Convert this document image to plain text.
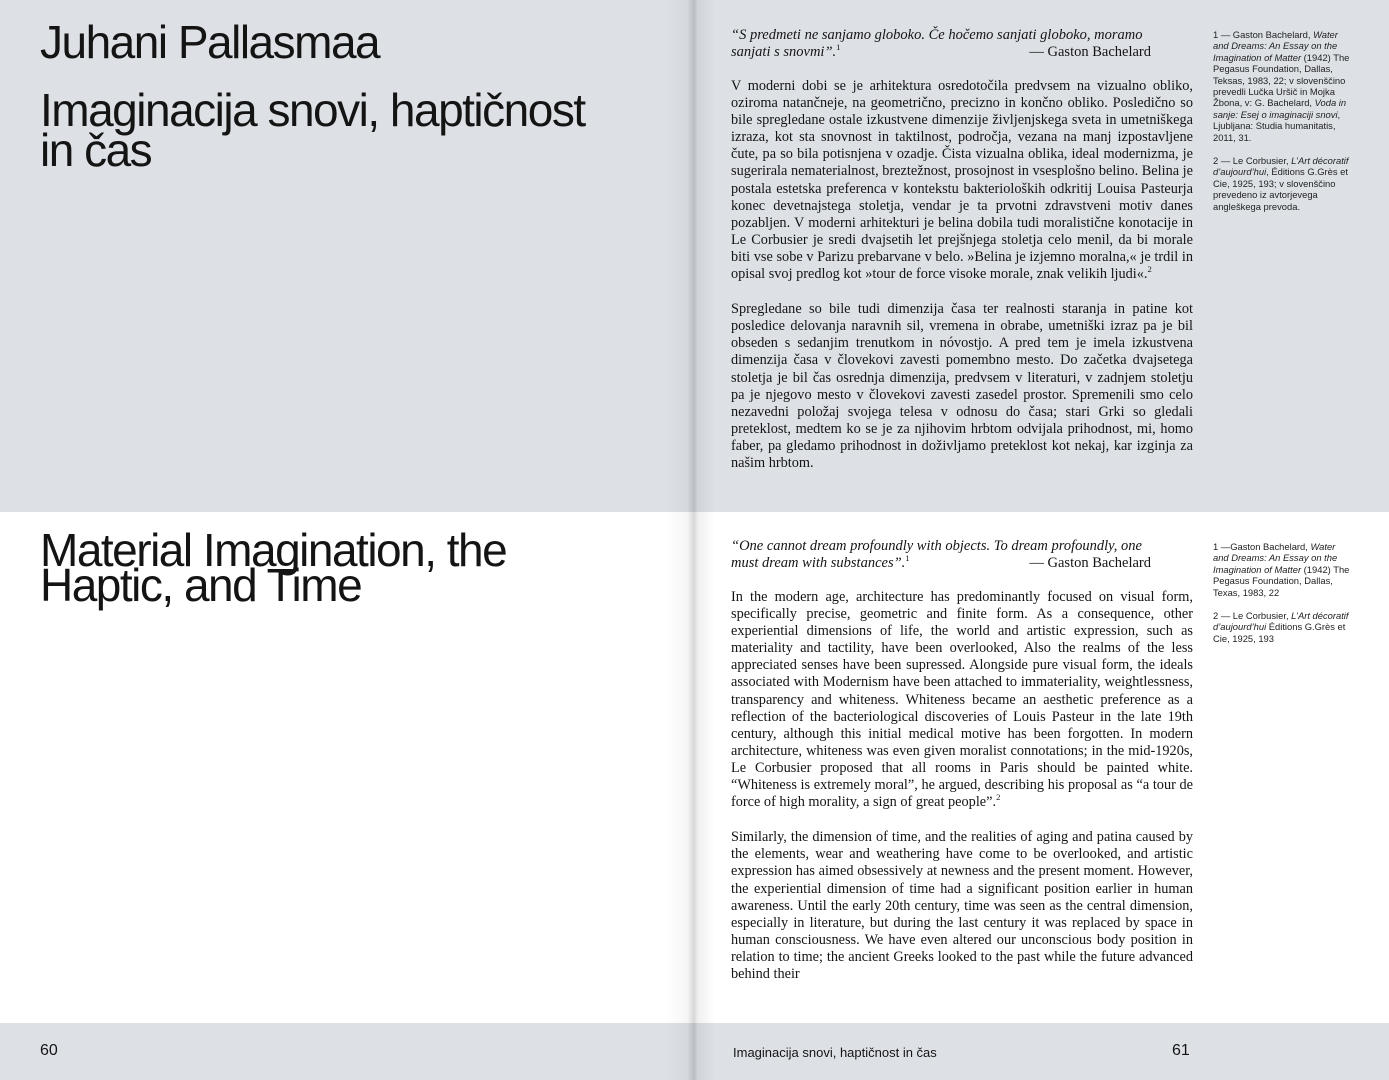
Juhani Pallasmaa
Imaginacija snovi, haptičnost in čas
Material Imagination, the Haptic, and Time
“S predmeti ne sanjamo globoko. Če hočemo sanjati globoko, moramo sanjati s snovmi”.$^1$	— Gaston Bachelard

V moderni dobi se je arhitektura osredotočila predvsem na vizualno obliko, oziroma natančneje, na geometrično, precizno in končno obliko. Posledično so bile spregledane ostale izkustvene dimenzije življenjskega sveta in umetniškega izraza, kot sta snovnost in taktilnost, področja, vezana na manj izpostavljene čute, pa so bila potisnjena v ozadje. Čista vizualna oblika, ideal modernizma, je sugerirala nematerialnost, breztežnost, prosojnost in vsesplošno belino. Belina je postala estetska preferenca v kontekstu bakterioloških odkritij Louisa Pasteurja konec devetnajstega stoletja, vendar je ta prvotni zdravstveni motiv danes pozabljen. V moderni arhitekturi je belina dobila tudi moralistične konotacije in Le Corbusier je sredi dvajsetih let prejšnjega stoletja celo menil, da bi morale biti vse sobe v Parizu prebarvane v belo. »Belina je izjemno moralna,« je trdil in opisal svoj predlog kot »tour de force visoke morale, znak velikih ljudi«.$^2$

Spregledane so bile tudi dimenzija časa ter realnosti staranja in patine kot posledice delovanja naravnih sil, vremena in obrabe, umetniški izraz pa je bil obseden s sedanjim trenutkom in nóvostjo. A pred tem je imela izkustvena dimenzija časa v človekovi zavesti pomembno mesto. Do začetka dvajsetega stoletja je bil čas osrednja dimenzija, predvsem v literaturi, v zadnjem stoletju pa je njegovo mesto v človekovi zavesti zasedel prostor. Spremenili smo celo nezavedni položaj svojega telesa v odnosu do časa; stari Grki so gledali preteklost, medtem ko se je za njihovim hrbtom odvijala prihodnost, mi, homo faber, pa gledamo prihodnost in doživljamo preteklost kot nekaj, kar izginja za našim hrbtom.

1 — Gaston Bachelard, Water and Dreams: An Essay on the Imagination of Matter (1942) The Pegasus Foundation, Dallas, Teksas, 1983, 22; v slovenščino prevedli Lučka Uršič in Mojka Žbona, v: G. Bachelard, Voda in sanje: Esej o imaginaciji snovi, Ljubljana: Studia humanitatis, 2011, 31.

2 — Le Corbusier, L’Art décoratif d’aujourd’hui, Éditions G.Grès et Cie, 1925, 193; v slovenščino prevedeno iz avtorjevega angleškega prevoda.

“One cannot dream profoundly with objects. To dream profoundly, one must dream with substances”.$^1$	— Gaston Bachelard

In the modern age, architecture has predominantly focused on visual form, specifically precise, geometric and finite form. As a consequence, other experiential dimensions of life, the world and artistic expression, such as materiality and tactility, have been overlooked, Also the realms of the less appreciated senses have been supressed. Alongside pure visual form, the ideals associated with Modernism have been attached to immateriality, weightlessness, transparency and whiteness. Whiteness became an aesthetic preference as a reflection of the bacteriological discoveries of Louis Pasteur in the late 19th century, although this initial medical motive has been forgotten. In modern architecture, whiteness was even given moralist connotations; in the mid-1920s, Le Corbusier proposed that all rooms in Paris should be painted white. “Whiteness is extremely moral”, he argued, describing his proposal as “a tour de force of high morality, a sign of great people”.$^2$

Similarly, the dimension of time, and the realities of aging and patina caused by the elements, wear and weathering have come to be overlooked, and artistic expression has aimed obsessively at newness and the present moment. However, the experiential dimension of time had a significant position earlier in human awareness. Until the early 20th century, time was seen as the central dimension, especially in literature, but during the last century it was replaced by space in human consciousness. We have even altered our unconscious body position in relation to time; the ancient Greeks looked to the past while the future advanced behind their

1 —Gaston Bachelard, Water and Dreams: An Essay on the Imagination of Matter (1942) The Pegasus Foundation, Dallas, Texas, 1983, 22

2 — Le Corbusier, L’Art décoratif d’aujourd’hui Éditions G.Grès et Cie, 1925, 193

60	Imaginacija snovi, haptičnost in čas	61
